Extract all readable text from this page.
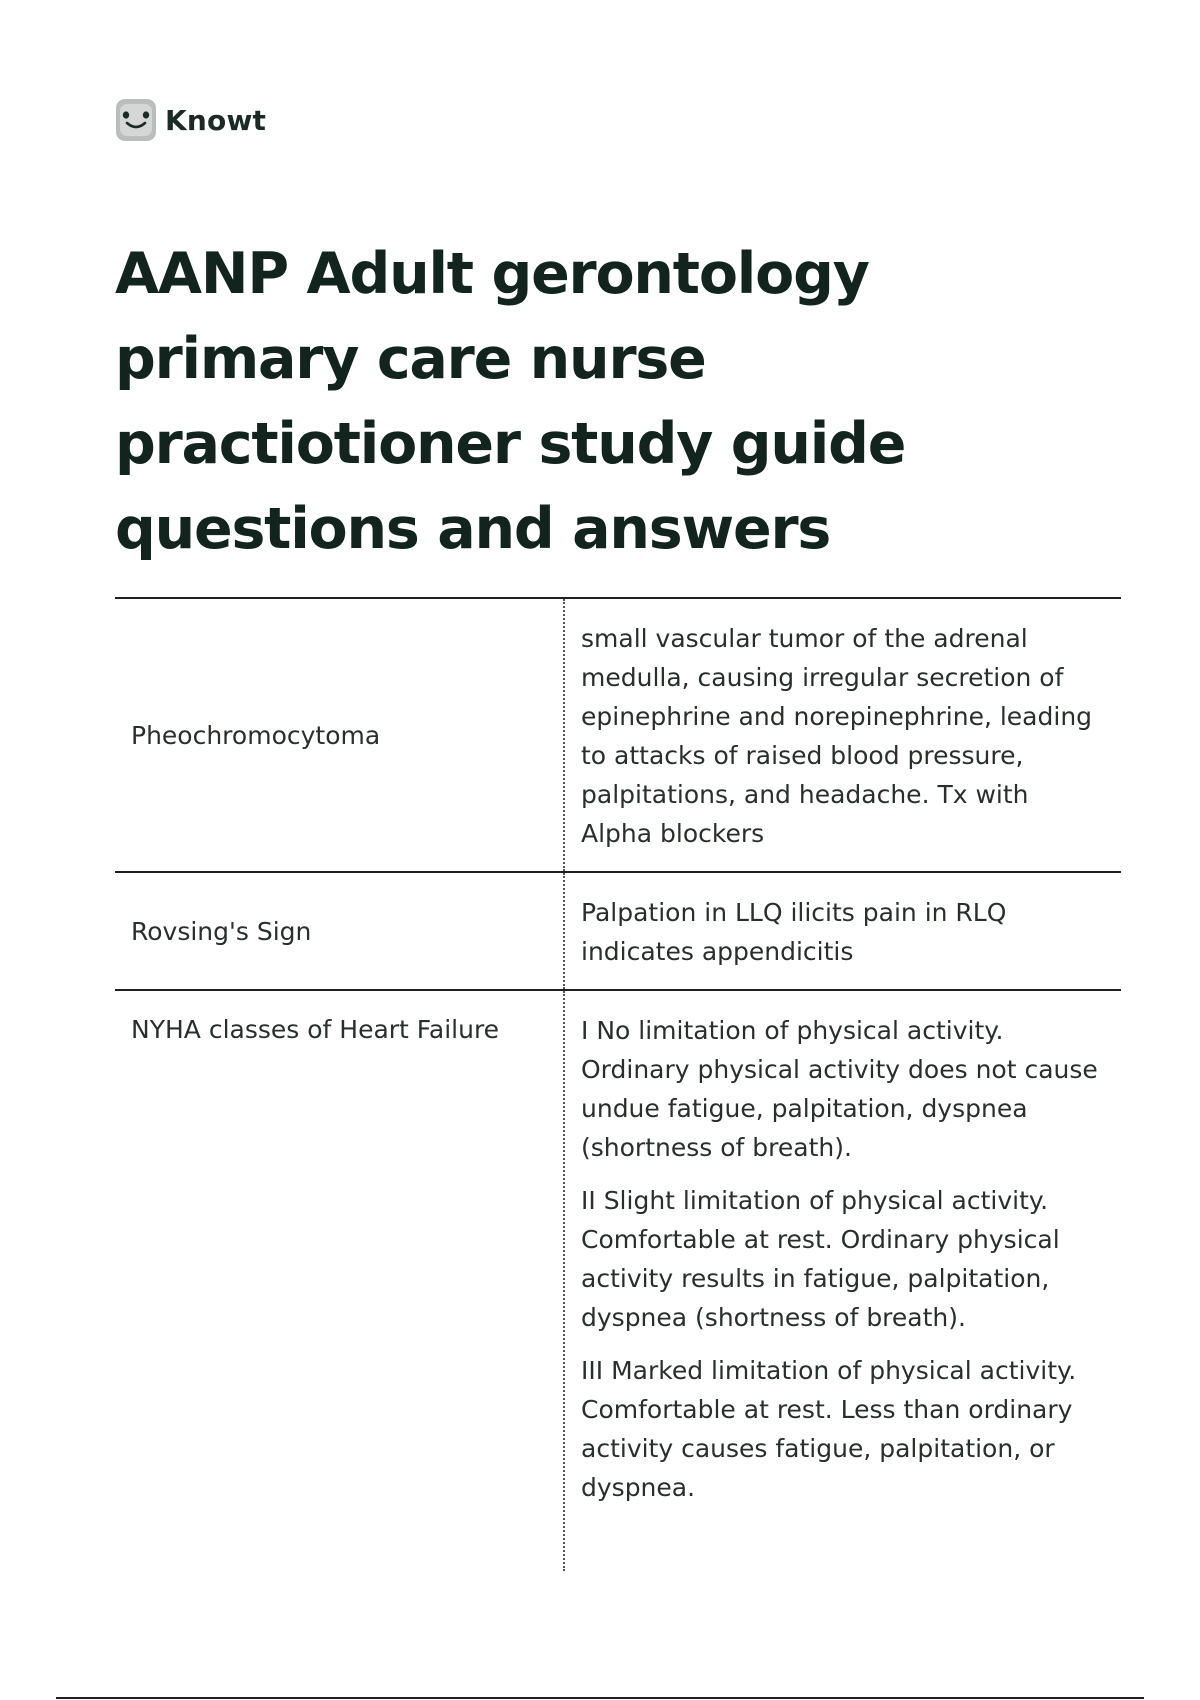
Knowt
AANP Adult gerontology primary care nurse practiotioner study guide questions and answers
Pheochromocytoma

small vascular tumor of the adrenal medulla, causing irregular secretion of epinephrine and norepinephrine, leading to attacks of raised blood pressure, palpitations, and headache. Tx with Alpha blockers

Rovsing's Sign

Palpation in LLQ ilicits pain in RLQ indicates appendicitis

NYHA classes of Heart Failure	I No limitation of physical activity. Ordinary physical activity does not cause undue fatigue, palpitation, dyspnea (shortness of breath).

II Slight limitation of physical activity. Comfortable at rest. Ordinary physical activity results in fatigue, palpitation, dyspnea (shortness of breath).

III Marked limitation of physical activity. Comfortable at rest. Less than ordinary activity causes fatigue, palpitation, or dyspnea.
